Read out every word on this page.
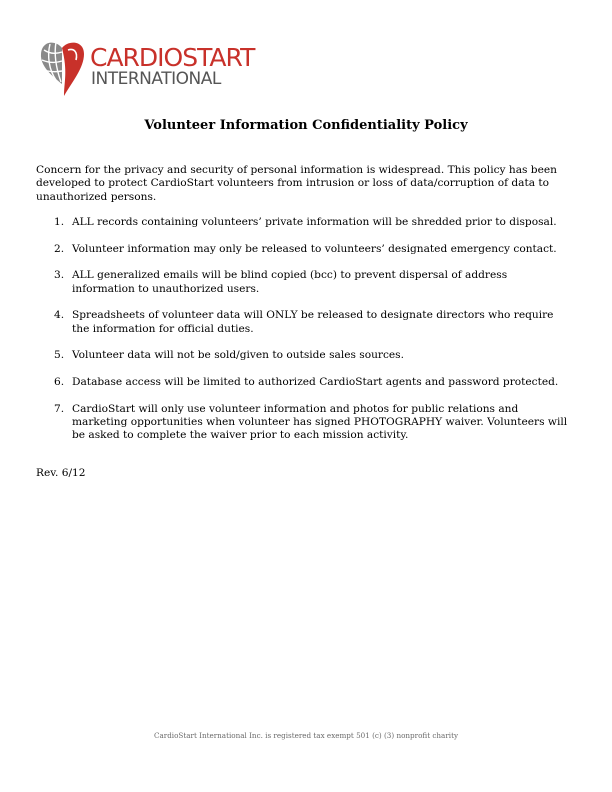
CARDIOSTART
INTERNATIONAL
Volunteer Information Confidentiality Policy
Concern for the privacy and security of personal information is widespread. This policy has been developed to protect CardioStart volunteers from intrusion or loss of data/corruption of data to unauthorized persons.
1. ALL records containing volunteers’ private information will be shredded prior to disposal.
2. Volunteer information may only be released to volunteers’ designated emergency contact.
3. ALL generalized emails will be blind copied (bcc) to prevent dispersal of address information to unauthorized users.
4. Spreadsheets of volunteer data will ONLY be released to designate directors who require the information for official duties.
5. Volunteer data will not be sold/given to outside sales sources.
6. Database access will be limited to authorized CardioStart agents and password protected.
7. CardioStart will only use volunteer information and photos for public relations and marketing opportunities when volunteer has signed PHOTOGRAPHY waiver. Volunteers will be asked to complete the waiver prior to each mission activity.
Rev. 6/12
CardioStart International Inc. is registered tax exempt 501 (c) (3) nonprofit charity
